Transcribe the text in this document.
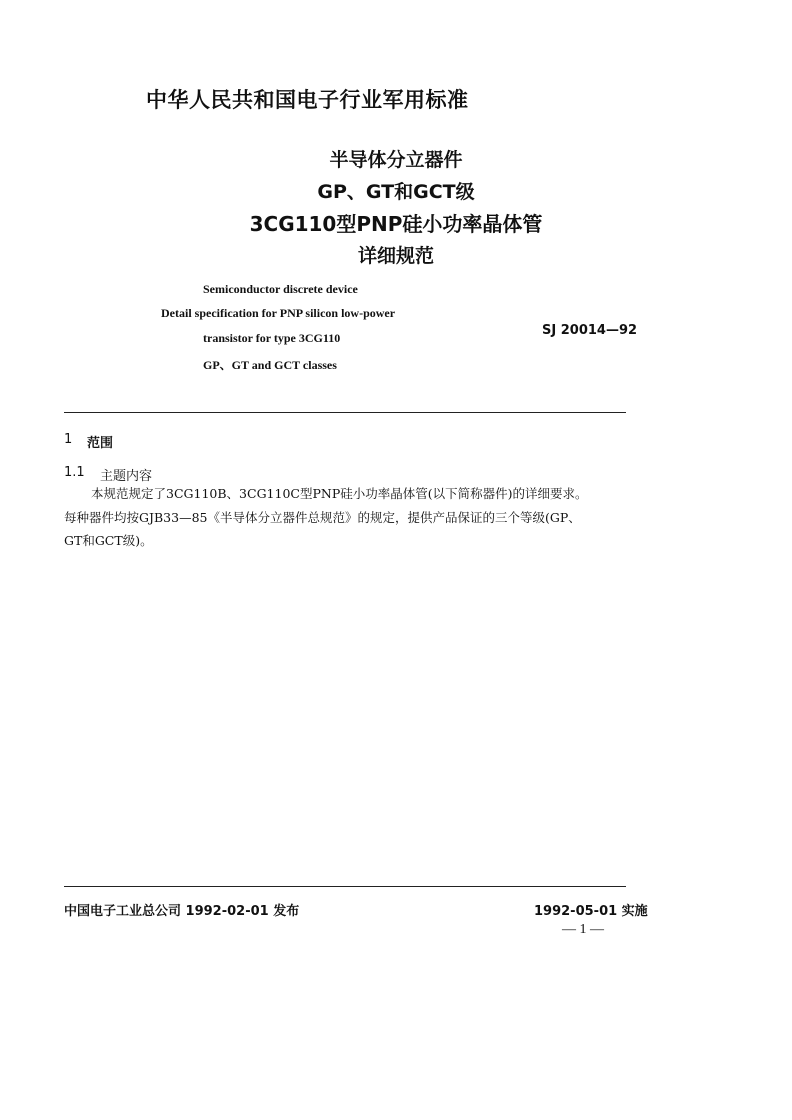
中华人民共和国电子行业军用标准
半导体分立器件
GP、GT和GCT级
3CG110型PNP硅小功率晶体管
详细规范
Semiconductor discrete device
Detail specification for PNP silicon low-power
transistor for type 3CG110
GP、GT and GCT classes
SJ 20014—92
1 范围
1.1 主题内容
本规范规定了3CG110B、3CG110C型PNP硅小功率晶体管(以下简称器件)的详细要求。
每种器件均按GJB33—85《半导体分立器件总规范》的规定，提供产品保证的三个等级(GP、
GT和GCT级)。
中国电子工业总公司 1992-02-01 发布	1992-05-01 实施
— 1 —
